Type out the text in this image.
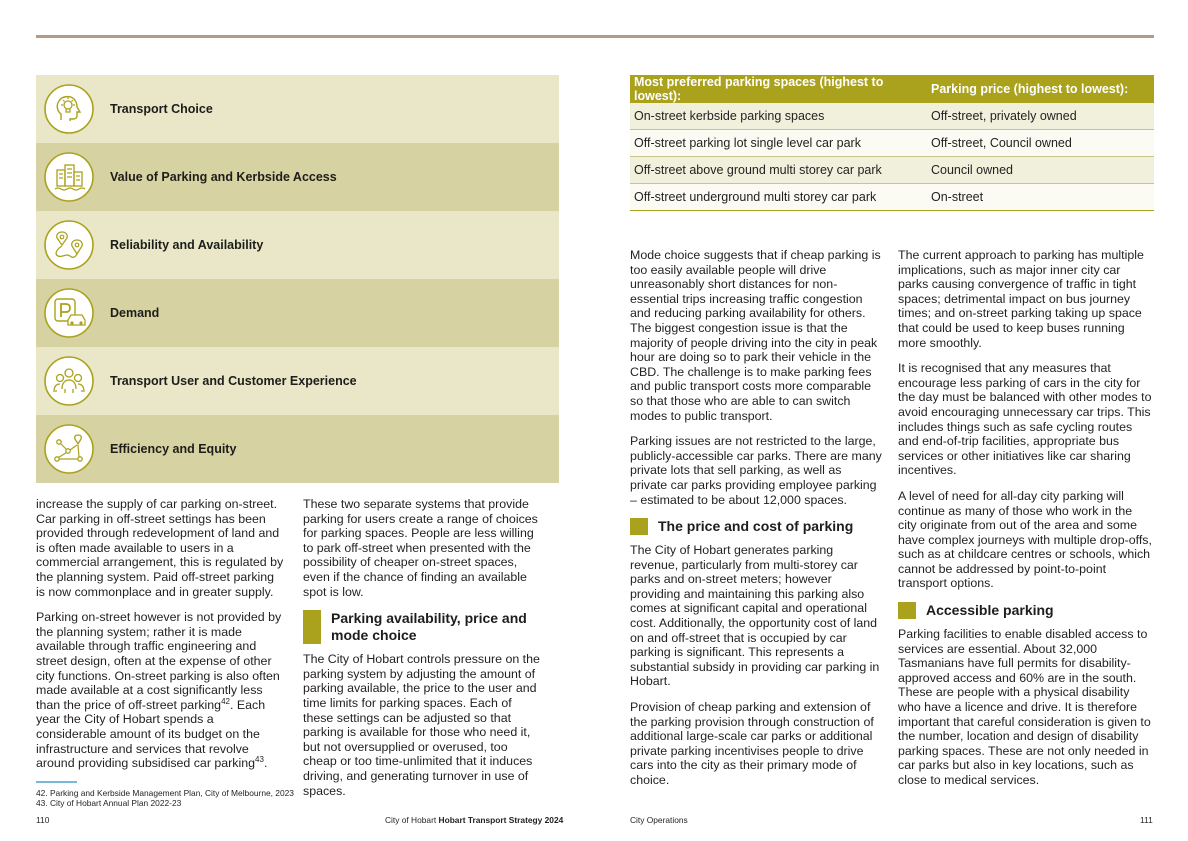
Transport Choice
Value of Parking and Kerbside Access
Reliability and Availability
Demand
Transport User and Customer Experience
Efficiency and Equity
Most preferred parking spaces (highest to lowest):	Parking price (highest to lowest):
On-street kerbside parking spaces	Off-street, privately owned
Off-street parking lot single level car park	Off-street, Council owned
Off-street above ground multi storey car park	Council owned
Off-street underground multi storey car park	On-street

increase the supply of car parking on-street. Car parking in off-street settings has been provided through redevelopment of land and is often made available to users in a commercial arrangement, this is regulated by the planning system. Paid off-street parking is now commonplace and in greater supply.

Parking on-street however is not provided by the planning system; rather it is made available through traffic engineering and street design, often at the expense of other city functions. On-street parking is also often made available at a cost significantly less than the price of off-street parking$^{42}$. Each year the City of Hobart spends a considerable amount of its budget on the infrastructure and services that revolve around providing subsidised car parking$^{43}$.

These two separate systems that provide parking for users create a range of choices for parking spaces. People are less willing to park off-street when presented with the possibility of cheaper on-street spaces, even if the chance of finding an available spot is low.

Parking availability, price and mode choice

The City of Hobart controls pressure on the parking system by adjusting the amount of parking available, the price to the user and time limits for parking spaces. Each of these settings can be adjusted so that parking is available for those who need it, but not oversupplied or overused, too cheap or too time-unlimited that it induces driving, and generating turnover in use of spaces.

Mode choice suggests that if cheap parking is too easily available people will drive unreasonably short distances for non-essential trips increasing traffic congestion and reducing parking availability for others. The biggest congestion issue is that the majority of people driving into the city in peak hour are doing so to park their vehicle in the CBD. The challenge is to make parking fees and public transport costs more comparable so that those who are able to can switch modes to public transport.

Parking issues are not restricted to the large, publicly-accessible car parks. There are many private lots that sell parking, as well as private car parks providing employee parking – estimated to be about 12,000 spaces.

The price and cost of parking

The City of Hobart generates parking revenue, particularly from multi-storey car parks and on-street meters; however providing and maintaining this parking also comes at significant capital and operational cost. Additionally, the opportunity cost of land on and off-street that is occupied by car parking is significant. This represents a substantial subsidy in providing car parking in Hobart.

Provision of cheap parking and extension of the parking provision through construction of additional large-scale car parks or additional private parking incentivises people to drive cars into the city as their primary mode of choice.

The current approach to parking has multiple implications, such as major inner city car parks causing convergence of traffic in tight spaces; detrimental impact on bus journey times; and on-street parking taking up space that could be used to keep buses running more smoothly.

It is recognised that any measures that encourage less parking of cars in the city for the day must be balanced with other modes to avoid encouraging unnecessary car trips. This includes things such as safe cycling routes and end-of-trip facilities, appropriate bus services or other initiatives like car sharing incentives.

A level of need for all-day city parking will continue as many of those who work in the city originate from out of the area and some have complex journeys with multiple drop-offs, such as at childcare centres or schools, which cannot be addressed by point-to-point transport options.

Accessible parking

Parking facilities to enable disabled access to services are essential. About 32,000 Tasmanians have full permits for disability-approved access and 60% are in the south. These are people with a physical disability who have a licence and drive. It is therefore important that careful consideration is given to the number, location and design of disability parking spaces. These are not only needed in car parks but also in key locations, such as close to medical services.

42. Parking and Kerbside Management Plan, City of Melbourne, 2023
43. City of Hobart Annual Plan 2022-23
110	City of Hobart Hobart Transport Strategy 2024	City Operations	111
